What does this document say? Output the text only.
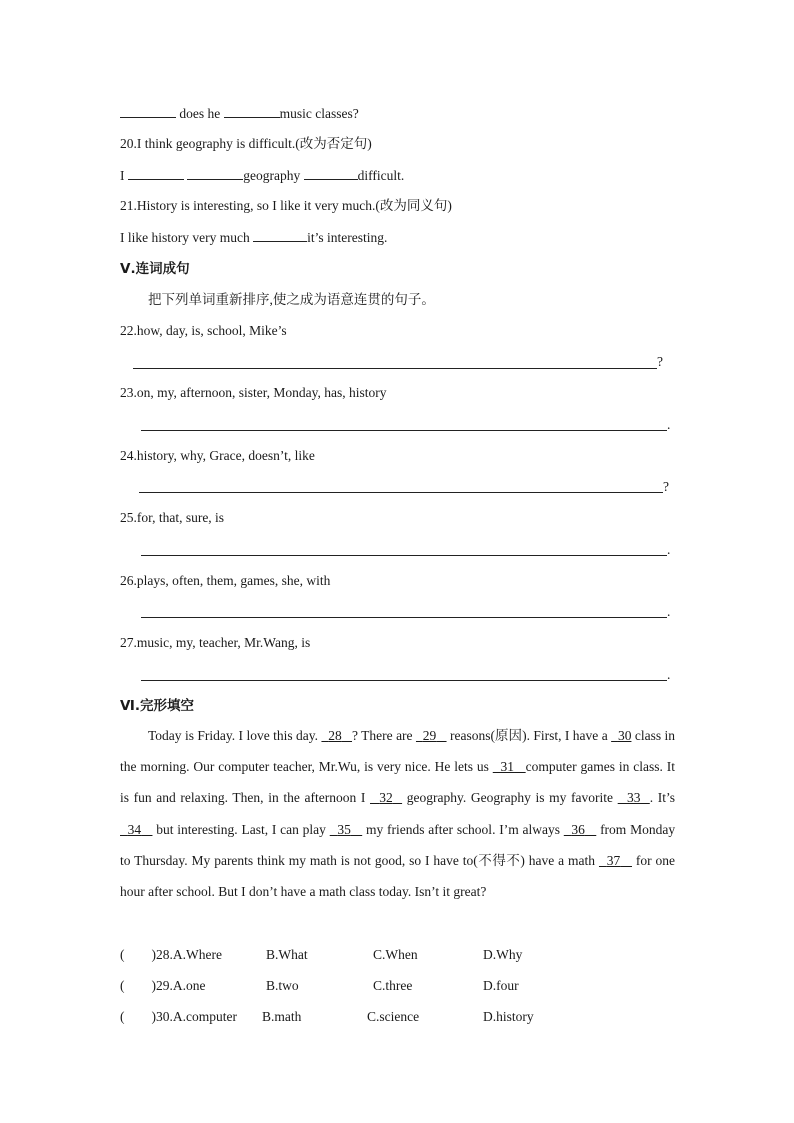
does he	music classes?
20.I think geography is difficult.(改为否定句)
I	geography	difficult.
21.History is interesting, so I like it very much.(改为同义句)
I like history very much	it’s interesting.
Ⅴ.连词成句
把下列单词重新排序,使之成为语意连贯的句子。
22.how, day, is, school, Mike’s
?
23.on, my, afternoon, sister, Monday, has, history
.
24.history, why, Grace, doesn’t, like
?
25.for, that, sure, is
.
26.plays, often, them, games, she, with
.
27.music, my, teacher, Mr.Wang, is
.
Ⅵ.完形填空
Today is Friday. I love this day. 28 ? There are 29 reasons(原因). First, I have a 30 class in the morning. Our computer teacher, Mr.Wu, is very nice. He lets us 31 computer games in class. It is fun and relaxing. Then, in the afternoon I 32 geography. Geography is my favorite 33 . It’s   34 but interesting. Last, I can play 35 my friends after school. I’m always 36 from Monday to Thursday. My parents think my math is not good, so I have to(不得不) have a math 37 for one hour after school. But I don’t have a math class today. Isn’t it great?
(　　)28.A.Where	B.What	C.When	D.Why
(　　)29.A.one	B.two	C.three	D.four
(　　)30.A.computer B.math	C.science	D.history
